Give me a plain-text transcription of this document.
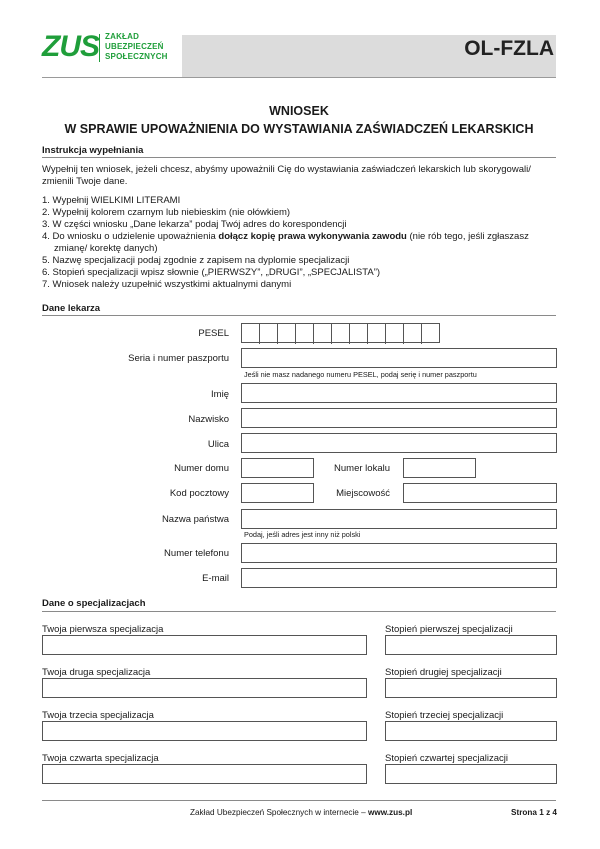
ZUS ZAKŁAD
UBEZPIECZEŃ
SPOŁECZNYCH	OL-FZLA
WNIOSEK
W SPRAWIE UPOWAŻNIENIA DO WYSTAWIANIA ZAŚWIADCZEŃ LEKARSKICH
Instrukcja wypełniania
Wypełnij ten wniosek, jeżeli chcesz, abyśmy upoważnili Cię do wystawiania zaświadczeń lekarskich lub skorygowali/
zmienili Twoje dane.
1. Wypełnij WIELKIMI LITERAMI
2. Wypełnij kolorem czarnym lub niebieskim (nie ołówkiem)
3. W części wniosku „Dane lekarza” podaj Twój adres do korespondencji
4. Do wniosku o udzielenie upoważnienia dołącz kopię prawa wykonywania zawodu (nie rób tego, jeśli zgłaszasz
zmianę/ korektę danych)
5. Nazwę specjalizacji podaj zgodnie z zapisem na dyplomie specjalizacji
6. Stopień specjalizacji wpisz słownie („PIERWSZY”, „DRUGI”, „SPECJALISTA”)
7. Wniosek należy uzupełnić wszystkimi aktualnymi danymi
Dane lekarza
PESEL
Seria i numer paszportu
Jeśli nie masz nadanego numeru PESEL, podaj serię i numer paszportu
Imię
Nazwisko
Ulica
Numer domu	Numer lokalu
Kod pocztowy	Miejscowość
Nazwa państwa
Podaj, jeśli adres jest inny niż polski
Numer telefonu
E-mail
Dane o specjalizacjach
Twoja pierwsza specjalizacja	Stopień pierwszej specjalizacji
Twoja druga specjalizacja	Stopień drugiej specjalizacji
Twoja trzecia specjalizacja	Stopień trzeciej specjalizacji
Twoja czwarta specjalizacja	Stopień czwartej specjalizacji
Zakład Ubezpieczeń Społecznych w internecie – www.zus.pl	Strona 1 z 4
